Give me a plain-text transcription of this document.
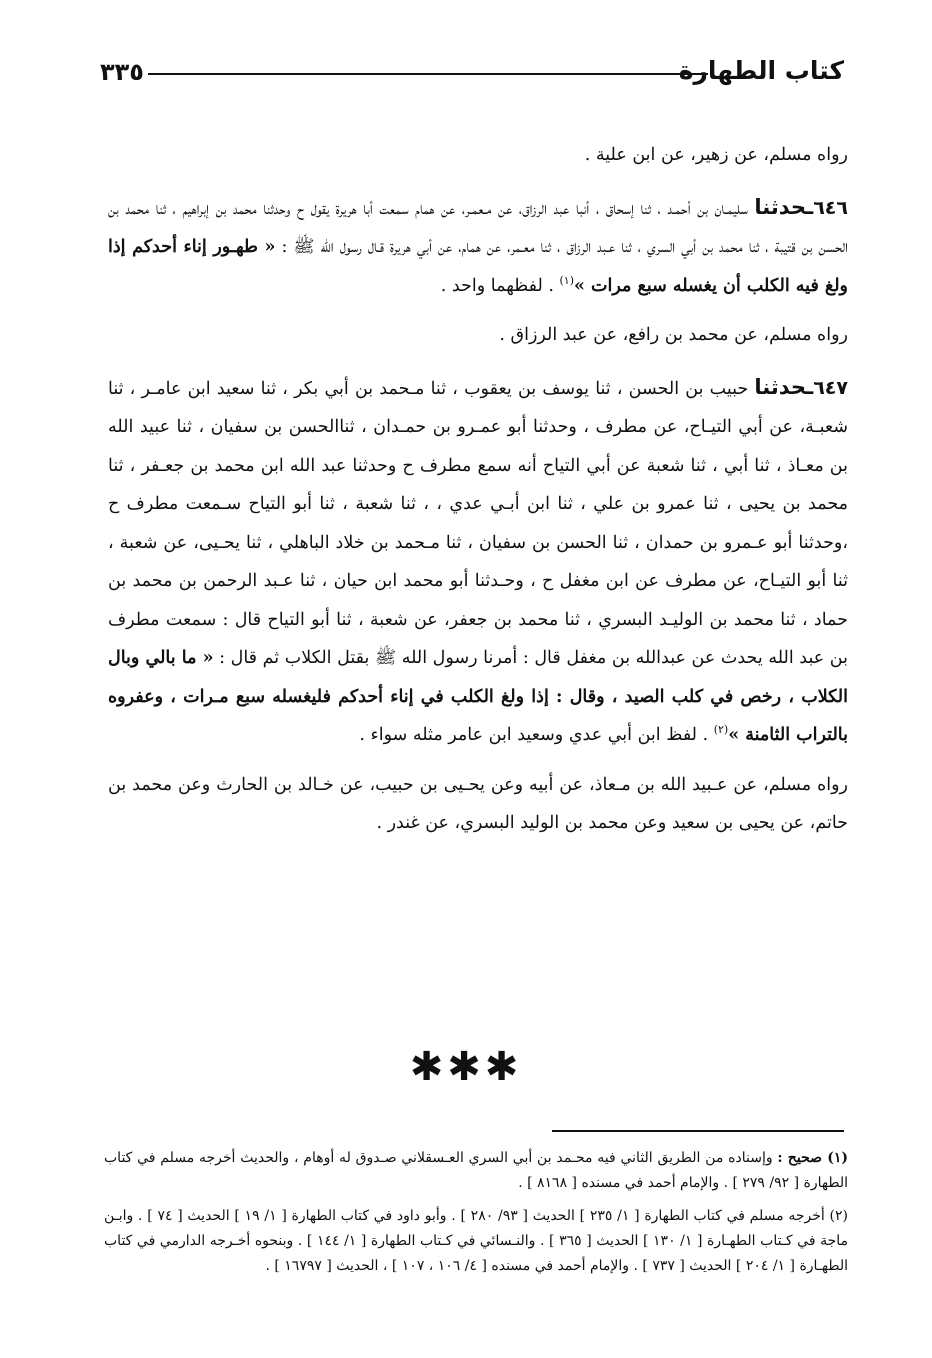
كتاب الطهارة
٣٣٥

رواه مسلم، عن زهير، عن ابن علية .

٦٤٦ـحدثنا سليمـان بن أحمـد ، ثنا إسحاق ، أنبا عبد الرزاق، عن مـعمـر، عن همام سمعت أبا هريرة يقول ح وحدثنا محمد بن إبراهيم ، ثنا محمد بن الحسن بن قتيبة ، ثنا محمد بن أبي السري ، ثنا عـبد الرزاق ، ثنا معـمر، عن همام، عن أبي هريرة قـال رسول الله ﷺ : « طهـور إناء أحدكم إذا ولغ فيه الكلب أن يغسله سبع مرات »$^{(١)}$ . لفظهما واحد .

رواه مسلم، عن محمد بن رافع، عن عبد الرزاق .

٦٤٧ـحدثنا حبيب بن الحسن ، ثنا يوسف بن يعقوب ، ثنا مـحمد بن أبي بكر ، ثنا سعيد ابن عامـر ، ثنا شعبـة، عن أبي التيـاح، عن مطرف ، وحدثنا أبو عمـرو بن حمـدان ، ثناالحسن بن سفيان ، ثنا عبيد الله بن معـاذ ، ثنا أبي ، ثنا شعبة عن أبي التياح أنه سمع مطرف ح وحدثنا عبد الله ابن محمد بن جعـفر ، ثنا محمد بن يحيى ، ثنا عمرو بن علي ، ثنا ابن أبـي عدي ، ، ثنا شعبة ، ثنا أبو التياح سـمعت مطرف ح ،وحدثنا أبو عـمرو بن حمدان ، ثنا الحسن بن سفيان ، ثنا مـحمد بن خلاد الباهلي ، ثنا يحـيى، عن شعبة ، ثنا أبو التيـاح، عن مطرف عن ابن مغفل ح ، وحـدثنا أبو محمد ابن حيان ، ثنا عـبد الرحمن بن محمد بن حماد ، ثنا محمد بن الوليـد البسري ، ثنا محمد بن جعفر، عن شعبة ، ثنا أبو التياح قال : سمعت مطرف بن عبد الله يحدث عن عبدالله بن مغفل قال : أمرنا رسول الله ﷺ بقتل الكلاب ثم قال : « ما بالي وبال الكلاب ، رخص في كلب الصيد ، وقال : إذا ولغ الكلب في إناء أحدكم فليغسله سبع مـرات ، وعفروه بالتراب الثامنة »$^{(٢)}$ . لفظ ابن أبي عدي وسعيد ابن عامر مثله سواء .

رواه مسلم، عن عـبيد الله بن مـعاذ، عن أبيه وعن يحـيى بن حبيب، عن خـالد بن الحارث وعن محمد بن حاتم، عن يحيى بن سعيد وعن محمد بن الوليد البسري، عن غندر .

✱✱✱

(١) صحيح : وإسناده من الطريق الثاني فيه محـمد بن أبي السري العـسقلاني صـدوق له أوهام ، والحديث أخرجه مسلم في كتاب الطهارة [ ٩٢/ ٢٧٩ ] . والإمام أحمد في مسنده [ ٨١٦٨ ] .

(٢) أخرجه مسلم في كتاب الطهارة [ ١/ ٢٣٥ ] الحديث [ ٩٣/ ٢٨٠ ] . وأبو داود في كتاب الطهارة [ ١/ ١٩ ] الحديث [ ٧٤ ] . وابـن ماجة في كـتاب الطهـارة [ ١/ ١٣٠ ] الحديث [ ٣٦٥ ] . والنـسائي في كـتاب الطهارة [ ١/ ١٤٤ ] . وبنحوه أخـرجه الدارمي في كتاب الطهـارة [ ١/ ٢٠٤ ] الحديث [ ٧٣٧ ] . والإمام أحمد في مسنده [ ٤/ ١٠٦ ، ١٠٧ ] ، الحديث [ ١٦٧٩٧ ] .
